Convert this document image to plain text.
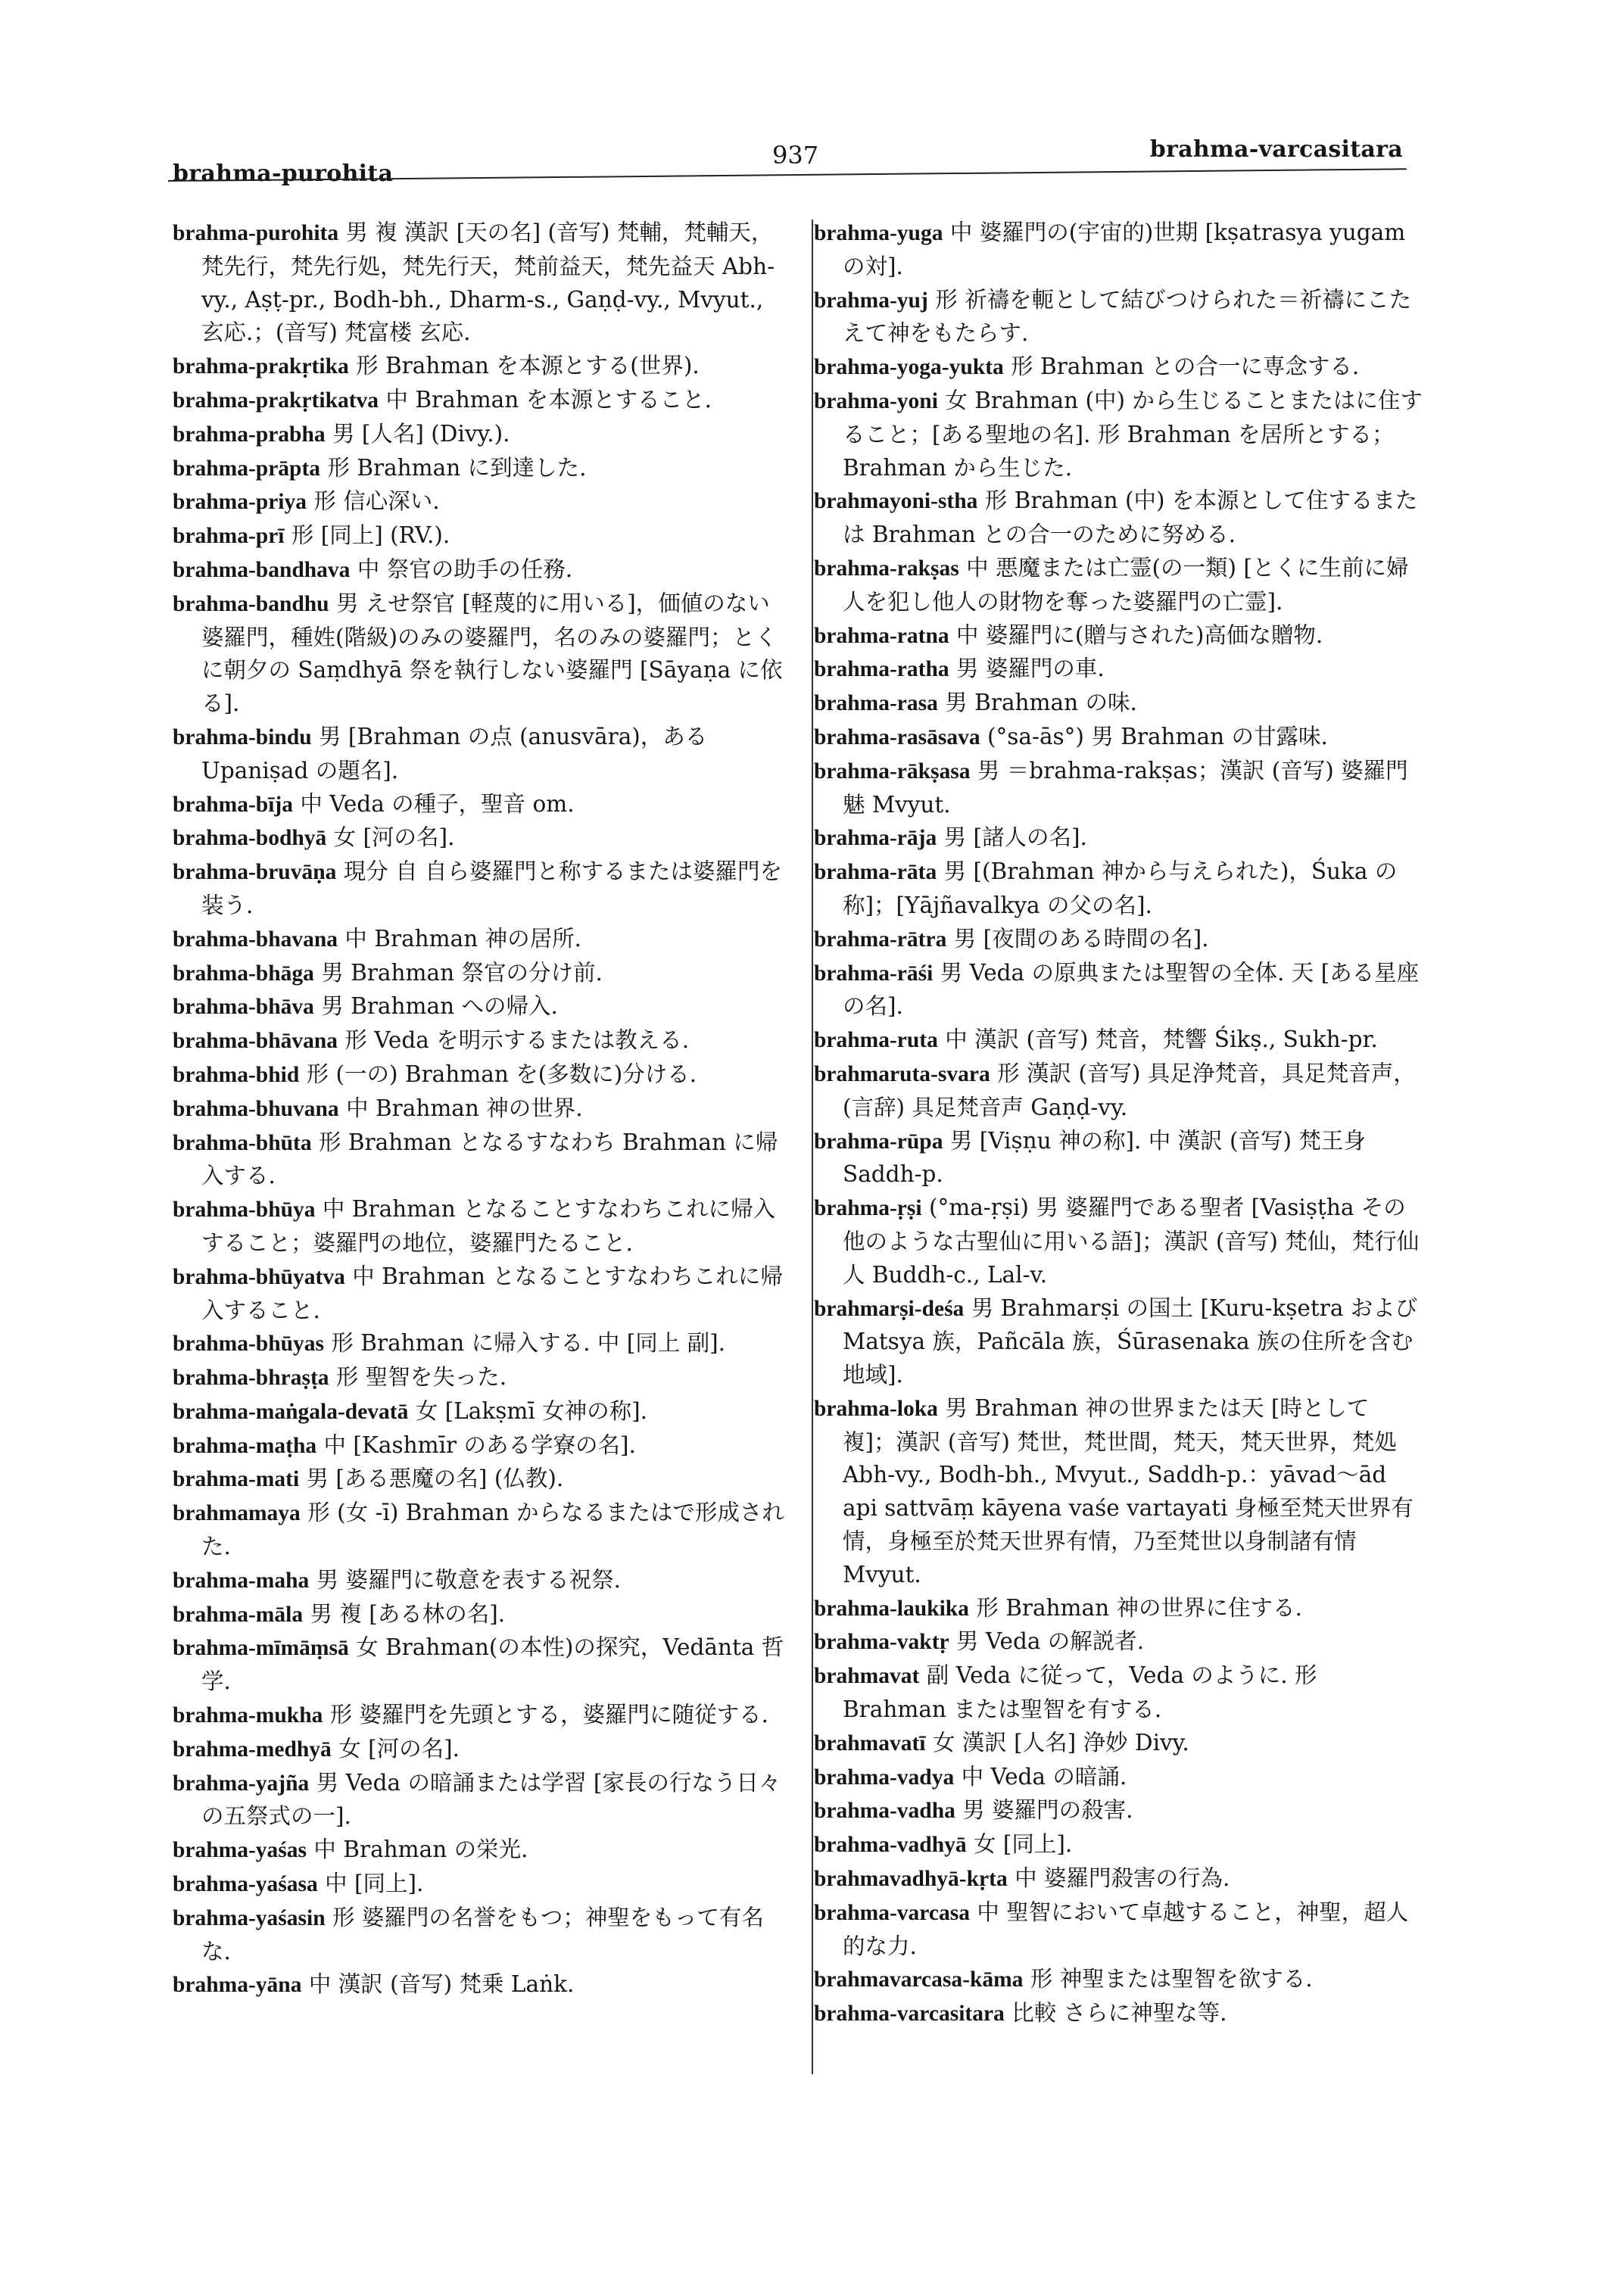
brahma-purohita
937	brahma-varcasitara

brahma-purohita 男 複 漢訳 [天の名] (音写) 梵輔，梵輔天，梵先行，梵先行処，梵先行天，梵前益天，梵先益天 Abh-vy., Aṣṭ-pr., Bodh-bh., Dharm-s., Gaṇḍ-vy., Mvyut., 玄応.；(音写) 梵富楼 玄応.

brahma-prakṛtika 形 Brahman を本源とする(世界).

brahma-prakṛtikatva 中 Brahman を本源とすること.

brahma-prabha 男 [人名] (Divy.).

brahma-prāpta 形 Brahman に到達した.

brahma-priya 形 信心深い.

brahma-prī 形 [同上] (RV.).

brahma-bandhava 中 祭官の助手の任務.

brahma-bandhu 男 えせ祭官 [軽蔑的に用いる]，価値のない婆羅門，種姓(階級)のみの婆羅門，名のみの婆羅門；とくに朝夕の Saṃdhyā 祭を執行しない婆羅門 [Sāyaṇa に依る].

brahma-bindu 男 [Brahman の点 (anusvāra)，ある Upaniṣad の題名].

brahma-bīja 中 Veda の種子，聖音 om.

brahma-bodhyā 女 [河の名].

brahma-bruvāṇa 現分 自 自ら婆羅門と称するまたは婆羅門を装う.

brahma-bhavana 中 Brahman 神の居所.

brahma-bhāga 男 Brahman 祭官の分け前.

brahma-bhāva 男 Brahman への帰入.

brahma-bhāvana 形 Veda を明示するまたは教える.

brahma-bhid 形 (一の) Brahman を(多数に)分ける.

brahma-bhuvana 中 Brahman 神の世界.

brahma-bhūta 形 Brahman となるすなわち Brahman に帰入する.

brahma-bhūya 中 Brahman となることすなわちこれに帰入すること；婆羅門の地位，婆羅門たること.

brahma-bhūyatva 中 Brahman となることすなわちこれに帰入すること.

brahma-bhūyas 形 Brahman に帰入する. 中 [同上 副].

brahma-bhraṣṭa 形 聖智を失った.

brahma-maṅgala-devatā 女 [Lakṣmī 女神の称].

brahma-maṭha 中 [Kashmīr のある学寮の名].

brahma-mati 男 [ある悪魔の名] (仏教).

brahmamaya 形 (女 -ī) Brahman からなるまたはで形成された.

brahma-maha 男 婆羅門に敬意を表する祝祭.

brahma-māla 男 複 [ある林の名].

brahma-mīmāṃsā 女 Brahman(の本性)の探究，Vedānta 哲学.

brahma-mukha 形 婆羅門を先頭とする，婆羅門に随従する.

brahma-medhyā 女 [河の名].

brahma-yajña 男 Veda の暗誦または学習 [家長の行なう日々の五祭式の一].

brahma-yaśas 中 Brahman の栄光.

brahma-yaśasa 中 [同上].

brahma-yaśasin 形 婆羅門の名誉をもつ；神聖をもって有名な.

brahma-yāna 中 漢訳 (音写) 梵乗 Laṅk.

brahma-yuga 中 婆羅門の(宇宙的)世期 [kṣatrasya yugam の対].

brahma-yuj 形 祈禱を軛として結びつけられた＝祈禱にこたえて神をもたらす.

brahma-yoga-yukta 形 Brahman との合一に専念する.

brahma-yoni 女 Brahman (中) から生じることまたはに住すること；[ある聖地の名]. 形 Brahman を居所とする；Brahman から生じた.

brahmayoni-stha 形 Brahman (中) を本源として住するまたは Brahman との合一のために努める.

brahma-rakṣas 中 悪魔または亡霊(の一類) [とくに生前に婦人を犯し他人の財物を奪った婆羅門の亡霊].

brahma-ratna 中 婆羅門に(贈与された)高価な贈物.

brahma-ratha 男 婆羅門の車.

brahma-rasa 男 Brahman の味.

brahma-rasāsava (°sa-ās°) 男 Brahman の甘露味.

brahma-rākṣasa 男 ＝brahma-rakṣas；漢訳 (音写) 婆羅門魅 Mvyut.

brahma-rāja 男 [諸人の名].

brahma-rāta 男 [(Brahman 神から与えられた)，Śuka の称]；[Yājñavalkya の父の名].

brahma-rātra 男 [夜間のある時間の名].

brahma-rāśi 男 Veda の原典または聖智の全体. 天 [ある星座の名].

brahma-ruta 中 漢訳 (音写) 梵音，梵響 Śikṣ., Sukh-pr.

brahmaruta-svara 形 漢訳 (音写) 具足浄梵音，具足梵音声，(言辞) 具足梵音声 Gaṇḍ-vy.

brahma-rūpa 男 [Viṣṇu 神の称]. 中 漢訳 (音写) 梵王身 Saddh-p.

brahma-ṛṣi (°ma-ṛṣi) 男 婆羅門である聖者 [Vasiṣṭha その他のような古聖仙に用いる語]；漢訳 (音写) 梵仙，梵行仙人 Buddh-c., Lal-v.

brahmarṣi-deśa 男 Brahmarṣi の国土 [Kuru-kṣetra および Matsya 族，Pañcāla 族，Śūrasenaka 族の住所を含む地域].

brahma-loka 男 Brahman 神の世界または天 [時として 複]；漢訳 (音写) 梵世，梵世間，梵天，梵天世界，梵処 Abh-vy., Bodh-bh., Mvyut., Saddh-p.：yāvad～ād api sattvāṃ kāyena vaśe vartayati 身極至梵天世界有情，身極至於梵天世界有情，乃至梵世以身制諸有情 Mvyut.

brahma-laukika 形 Brahman 神の世界に住する.

brahma-vaktṛ 男 Veda の解説者.

brahmavat 副 Veda に従って，Veda のように. 形 Brahman または聖智を有する.

brahmavatī 女 漢訳 [人名] 浄妙 Divy.

brahma-vadya 中 Veda の暗誦.

brahma-vadha 男 婆羅門の殺害.

brahma-vadhyā 女 [同上].

brahmavadhyā-kṛta 中 婆羅門殺害の行為.

brahma-varcasa 中 聖智において卓越すること，神聖，超人的な力.

brahmavarcasa-kāma 形 神聖または聖智を欲する.

brahma-varcasitara 比較 さらに神聖な等.
